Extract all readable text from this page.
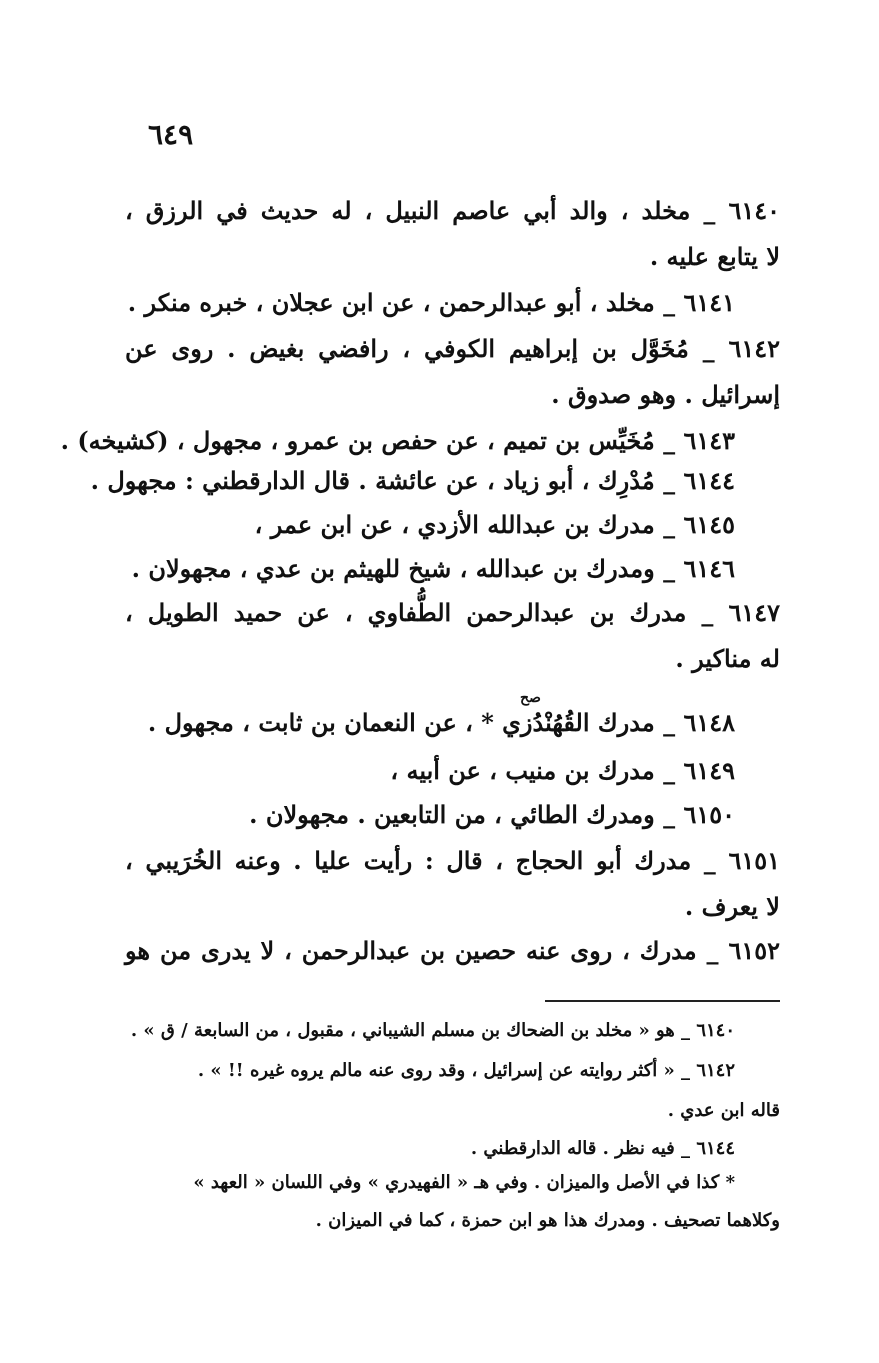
٦٤٩
٦١٤٠ _ مخلد ، والد أبي عاصم النبيل ، له حديث في الرزق ،
لا يتابع عليه .
٦١٤١ _ مخلد ، أبو عبدالرحمن ، عن ابن عجلان ، خبره منكر .
٦١٤٢ _ مُخَوَّل بن إبراهيم الكوفي ، رافضي بغيض . روى عن
إسرائيل . وهو صدوق .
٦١٤٣ _ مُخَيِّس بن تميم ، عن حفص بن عمرو ، مجهول ، (كشيخه) .
٦١٤٤ _ مُدْرِك ، أبو زياد ، عن عائشة . قال الدارقطني : مجهول .
٦١٤٥ _ مدرك بن عبدالله الأزدي ، عن ابن عمر ،
٦١٤٦ _ ومدرك بن عبدالله ، شيخ للهيثم بن عدي ، مجهولان .
٦١٤٧ _ مدرك بن عبدالرحمن الطُّفاوي ، عن حميد الطويل ،
له مناكير .
٦١٤٨ _ مدرك القُهُنْدُزي * ، عن النعمان بن ثابت ، مجهول .
٦١٤٩ _ مدرك بن منيب ، عن أبيه ،
٦١٥٠ _ ومدرك الطائي ، من التابعين . مجهولان .
٦١٥١ _ مدرك أبو الحجاج ، قال : رأيت عليا . وعنه الخُرَيبي ،
لا يعرف .
٦١٥٢ _ مدرك ، روى عنه حصين بن عبدالرحمن ، لا يدرى من هو
صح
٦١٤٠ _ هو « مخلد بن الضحاك بن مسلم الشيباني ، مقبول ، من السابعة / ق » .
٦١٤٢ _ « أكثر روايته عن إسرائيل ، وقد روى عنه مالم يروه غيره !! » .
قاله ابن عدي .
٦١٤٤ _ فيه نظر . قاله الدارقطني .
* كذا في الأصل والميزان . وفي هـ « الفهيدري » وفي اللسان « العهد »
وكلاهما تصحيف . ومدرك هذا هو ابن حمزة ، كما في الميزان .
